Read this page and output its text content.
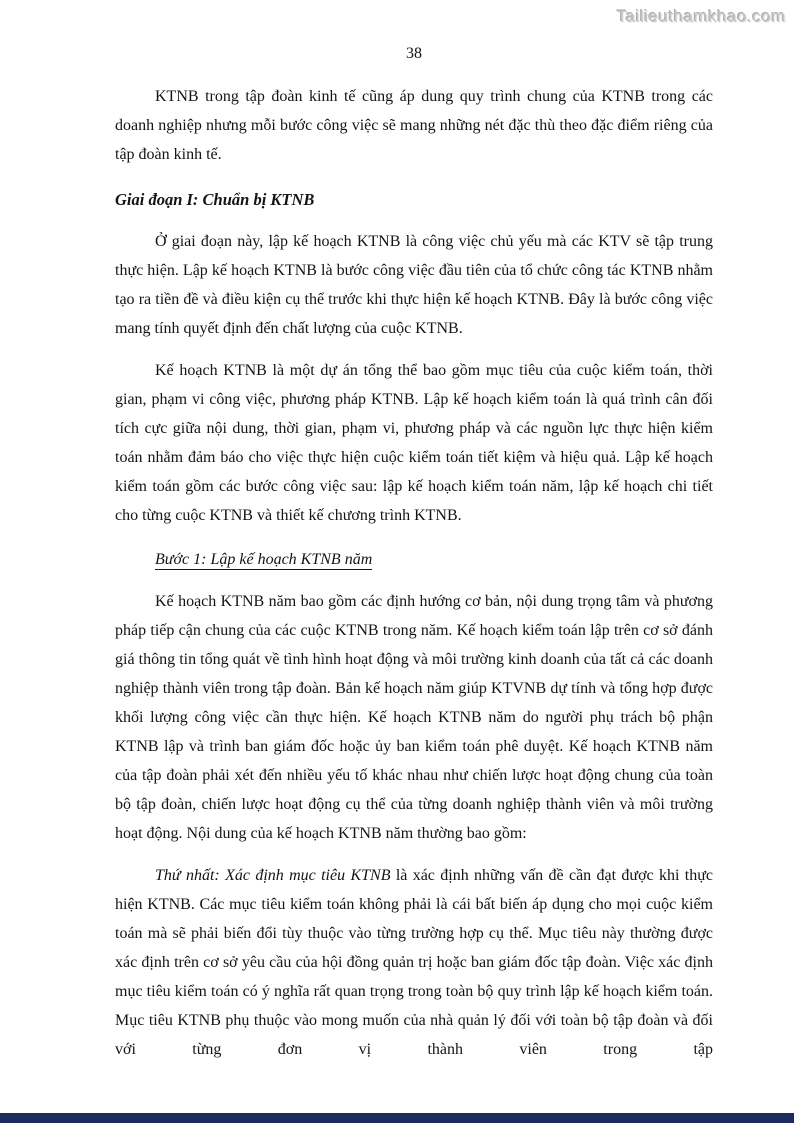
Tailieuthamkhao.com
38

KTNB trong tập đoàn kinh tế cũng áp dung quy trình chung của KTNB trong các doanh nghiệp nhưng mỗi bước công việc sẽ mang những nét đặc thù theo đặc điểm riêng của tập đoàn kinh tế.

Giai đoạn I: Chuẩn bị KTNB

Ở giai đoạn này, lập kế hoạch KTNB là công việc chủ yếu mà các KTV sẽ tập trung thực hiện. Lập kế hoạch KTNB là bước công việc đầu tiên của tổ chức công tác KTNB nhằm tạo ra tiền đề và điều kiện cụ thể trước khi thực hiện kế hoạch KTNB. Đây là bước công việc mang tính quyết định đến chất lượng của cuộc KTNB.

Kế hoạch KTNB là một dự án tổng thể bao gồm mục tiêu của cuộc kiểm toán, thời gian, phạm vi công việc, phương pháp KTNB. Lập kế hoạch kiểm toán là quá trình cân đối tích cực giữa nội dung, thời gian, phạm vi, phương pháp và các nguồn lực thực hiện kiểm toán nhằm đảm báo cho việc thực hiện cuộc kiểm toán tiết kiệm và hiệu quả. Lập kế hoạch kiểm toán gồm các bước công việc sau: lập kế hoạch kiểm toán năm, lập kế hoạch chi tiết cho từng cuộc KTNB và thiết kế chương trình KTNB.

Bước 1: Lập kế hoạch KTNB năm

Kế hoạch KTNB năm bao gồm các định hướng cơ bản, nội dung trọng tâm và phương pháp tiếp cận chung của các cuộc KTNB trong năm. Kế hoạch kiểm toán lập trên cơ sở đánh giá thông tin tổng quát về tình hình hoạt động và môi trường kinh doanh của tất cả các doanh nghiệp thành viên trong tập đoàn. Bản kế hoạch năm giúp KTVNB dự tính và tổng hợp được khối lượng công việc cần thực hiện. Kế hoạch KTNB năm do người phụ trách bộ phận KTNB lập và trình ban giám đốc hoặc ủy ban kiểm toán phê duyệt. Kế hoạch KTNB năm của tập đoàn phải xét đến nhiều yếu tố khác nhau như chiến lược hoạt động chung của toàn bộ tập đoàn, chiến lược hoạt động cụ thể của từng doanh nghiệp thành viên và môi trường hoạt động. Nội dung của kế hoạch KTNB năm thường bao gồm:

Thứ nhất: Xác định mục tiêu KTNB là xác định những vấn đề cần đạt được khi thực hiện KTNB. Các mục tiêu kiểm toán không phải là cái bất biến áp dụng cho mọi cuộc kiểm toán mà sẽ phải biến đổi tùy thuộc vào từng trường hợp cụ thể. Mục tiêu này thường được xác định trên cơ sở yêu cầu của hội đồng quản trị hoặc ban giám đốc tập đoàn. Việc xác định mục tiêu kiểm toán có ý nghĩa rất quan trọng trong toàn bộ quy trình lập kế hoạch kiểm toán. Mục tiêu KTNB phụ thuộc vào mong muốn của nhà quản lý đối với toàn bộ tập đoàn và đối với từng đơn vị thành viên trong tập
